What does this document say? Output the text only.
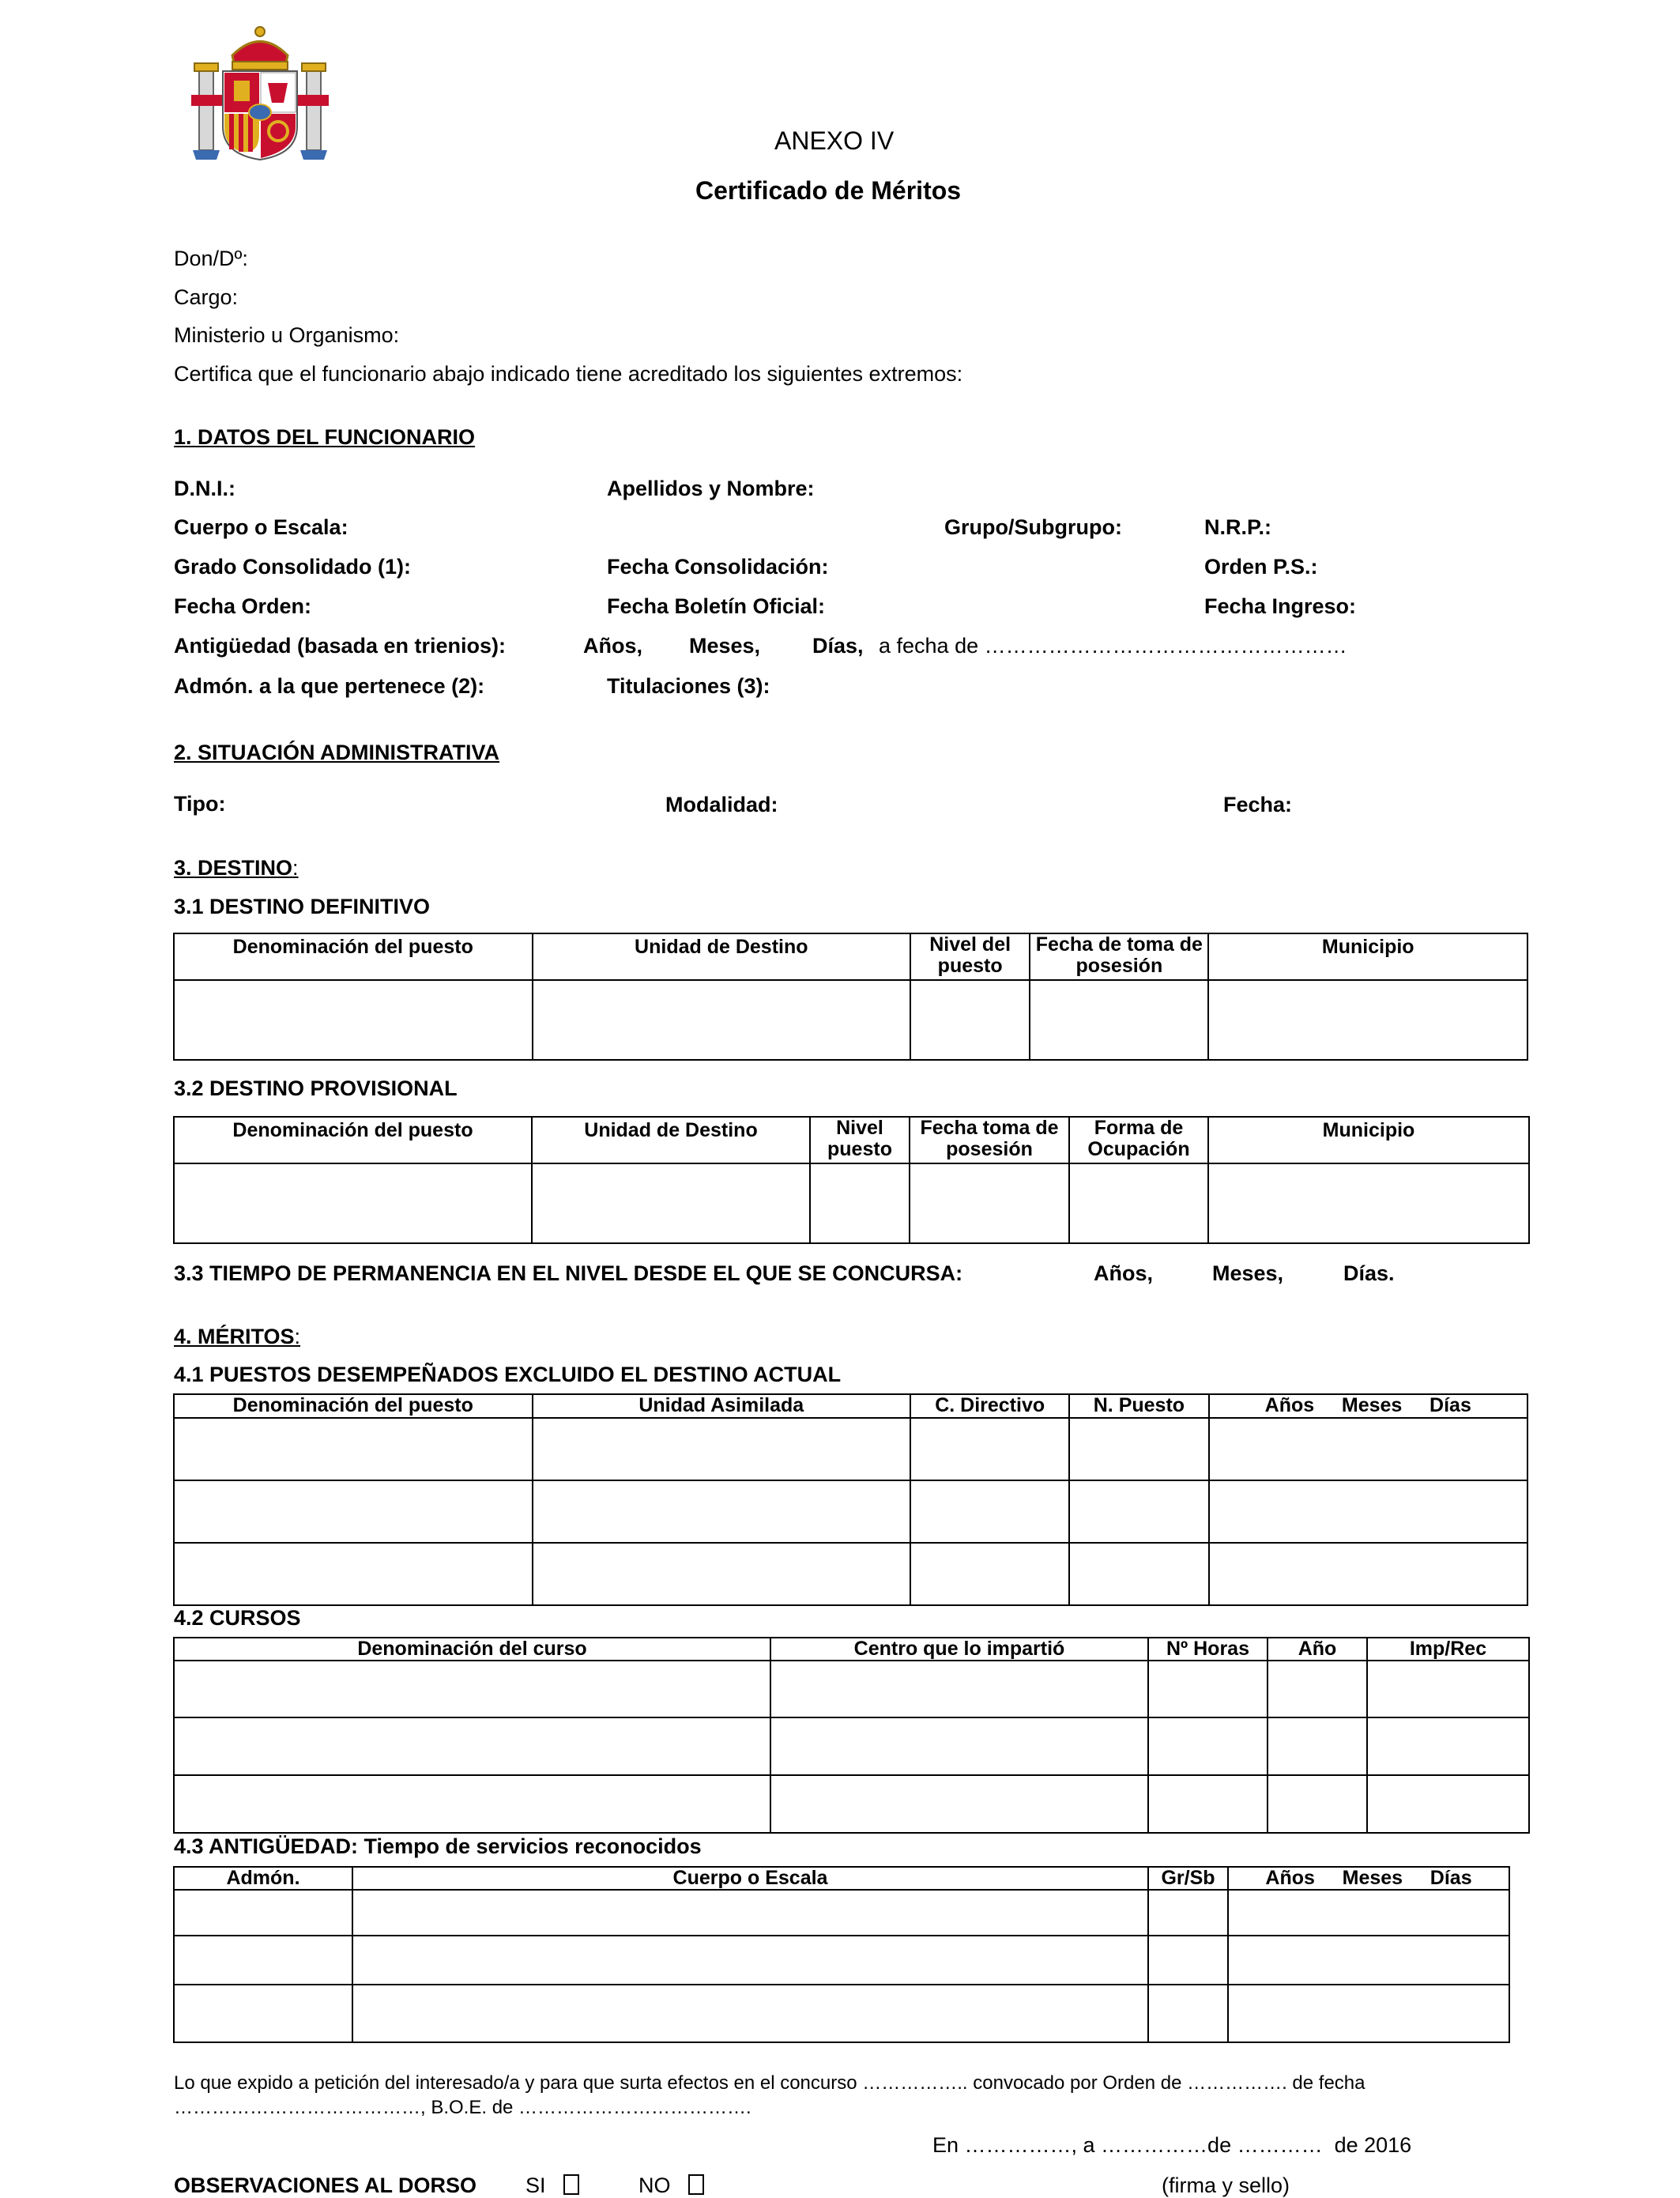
ANEXO IV
Certificado de Méritos
Don/Dº:
Cargo:
Ministerio u Organismo:
Certifica que el funcionario abajo indicado tiene acreditado los siguientes extremos:
1. DATOS DEL FUNCIONARIO
D.N.I.:	Apellidos y Nombre:
Cuerpo o Escala:	Grupo/Subgrupo:	N.R.P.:
Grado Consolidado (1):	Fecha Consolidación:	Orden P.S.:
Fecha Orden:	Fecha Boletín Oficial:	Fecha Ingreso:
Antigüedad (basada en trienios):	Años, Meses, Días, a fecha de ……………………………………………
Admón. a la que pertenece (2):	Titulaciones (3):
2. SITUACIÓN ADMINISTRATIVA
Tipo:	Modalidad:	Fecha:
3. DESTINO:
3.1 DESTINO DEFINITIVO
Denominación del puesto	Unidad de Destino	Nivel del puesto	Fecha de toma de posesión	Municipio

3.2 DESTINO PROVISIONAL
Denominación del puesto	Unidad de Destino	Nivel puesto	Fecha toma de posesión	Forma de Ocupación	Municipio

3.3 TIEMPO DE PERMANENCIA EN EL NIVEL DESDE EL QUE SE CONCURSA:	Años,	Meses,	Días.
4. MÉRITOS:
4.1 PUESTOS DESEMPEÑADOS EXCLUIDO EL DESTINO ACTUAL
Denominación del puesto	Unidad Asimilada	C. Directivo	N. Puesto	Años     Meses     Días

4.2 CURSOS
Denominación del curso	Centro que lo impartió	Nº Horas	Año	Imp/Rec

4.3 ANTIGÜEDAD: Tiempo de servicios reconocidos
Admón.	Cuerpo o Escala	Gr/Sb	Años     Meses     Días

Lo que expido a petición del interesado/a y para que surta efectos en el concurso …………….. convocado por Orden de ……………. de fecha
…………………………………, B.O.E. de ……………………………….
En ……………, a ……………de …………  de 2016
OBSERVACIONES AL DORSO SI	NO	(firma y sello)
